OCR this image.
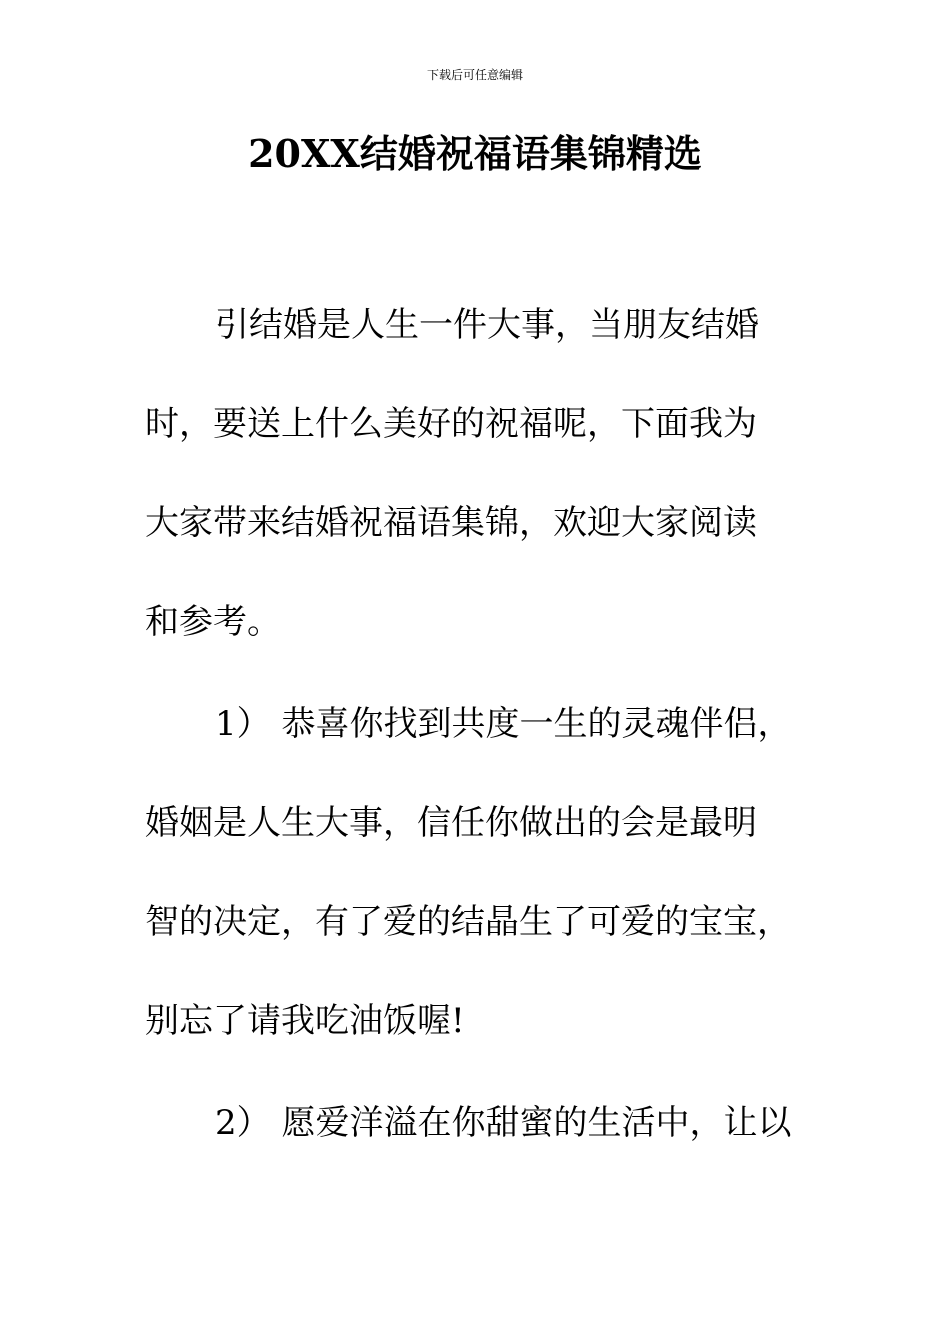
下载后可任意编辑
20XX结婚祝福语集锦精选
引结婚是人生一件大事，当朋友结婚
时，要送上什么美好的祝福呢，下面我为
大家带来结婚祝福语集锦，欢迎大家阅读
和参考。
1） 恭喜你找到共度一生的灵魂伴侣，
婚姻是人生大事，信任你做出的会是最明
智的决定，有了爱的结晶生了可爱的宝宝，
别忘了请我吃油饭喔!
2） 愿爱洋溢在你甜蜜的生活中，让以
